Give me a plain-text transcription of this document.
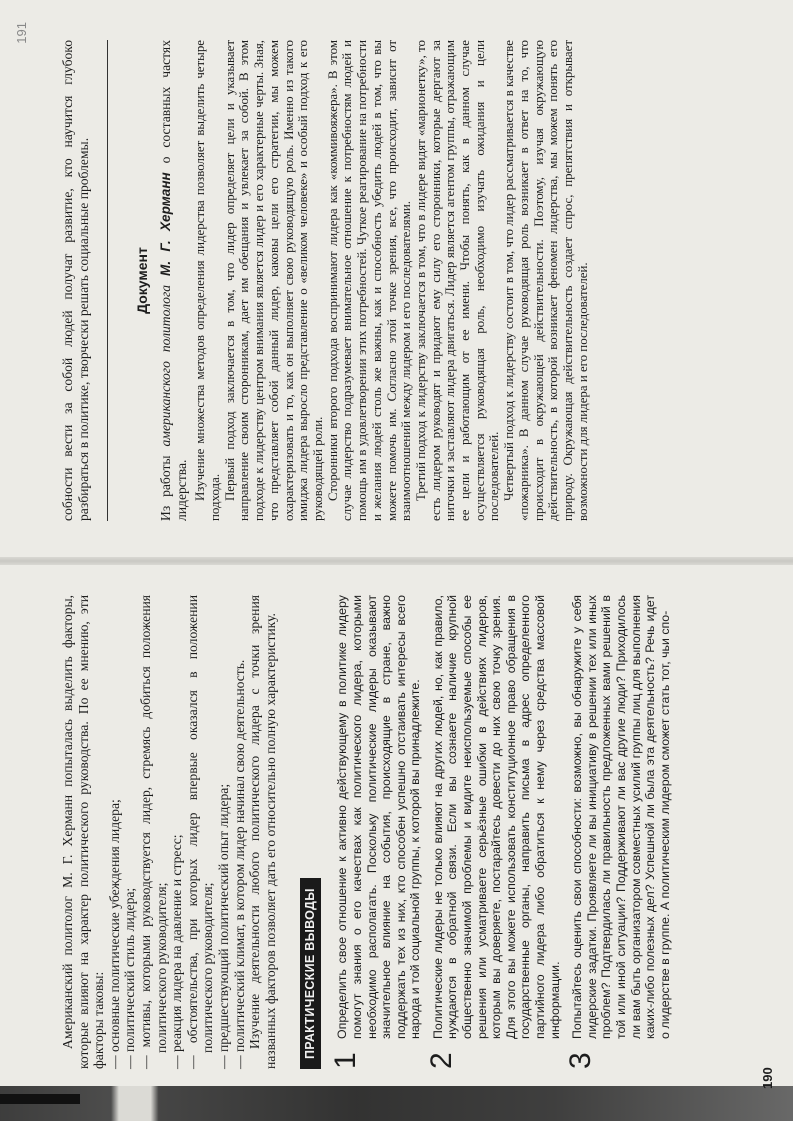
Американский политолог М. Г. Херманн попыталась выделить факторы, которые влияют на характер политического руководства. По ее мнению, эти факторы таковы: — основные политические убеждения лидера; — политический стиль лидера; — мотивы, которыми руководствуется лидер, стремясь добиться положения политического руководителя; — реакция лидера на давление и стресс; — обстоятельства, при которых лидер впервые оказался в положении политического руководителя; — предшествующий политический опыт лидера; — политический климат, в котором лидер начинал свою деятельность. Изучение деятельности любого политического лидера с точки зрения названных факторов позволяет дать его относительно полную характеристику. ПРАКТИЧЕСКИЕ ВЫВОДЫ
1

Определить свое отношение к активно действующему в политике лидеру помогут знания о его качествах как политического лидера, которыми необходимо располагать. Поскольку политические лидеры оказывают значительное влияние на события, происходящие в стране, важно поддержать тех из них, кто способен успешно отстаивать интересы всего народа и той социальной группы, к которой вы принадлежите.

2

Политические лидеры не только влияют на других людей, но, как правило, нуждаются в обратной связи. Если вы сознаете наличие крупной общественно значимой проблемы и видите неиспользуемые способы ее решения или усматриваете серьёзные ошибки в действиях лидеров, которым вы доверяете, постарайтесь довести до них свою точку зрения. Для этого вы можете использовать конституционное право обращения в государственные органы, направить письма в адрес определенного партийного лидера либо обратиться к нему через средства массовой информации.

3

Попытайтесь оценить свои способности: возможно, вы обнаружите у себя лидерские задатки. Проявляете ли вы инициативу в решении тех или иных проблем? Подтвердилась ли правильность предложенных вами решений в той или иной ситуации? Поддерживают ли вас другие люди? Приходилось ли вам быть организатором совместных усилий группы лиц для выполнения каких-либо полезных дел? Успешной ли была эта деятельность? Речь идет о лидерстве в группе. А политическим лидером сможет стать тот, чьи спо-

190

собности вести за собой людей получат развитие, кто научится глубоко разбираться в политике, творчески решать социальные проблемы.	Документ

Из работы американского политолога М. Г. Херманн о составных частях лидерства. Изучение множества методов определения лидерства позволяет выделить четыре подхода. Первый подход заключается в том, что лидер определяет цели и указывает направление своим сторонникам, дает им обещания и увлекает за собой. В этом подходе к лидерству центром внимания является лидер и его характерные черты. Зная, что представляет собой данный лидер, каковы цели его стратегии, мы можем охарактеризовать и то, как он выполняет свою руководящую роль. Именно из такого имиджа лидера выросло представление о «великом человеке» и особый подход к его руководящей роли. Сторонники второго подхода воспринимают лидера как «коммивояжера». В этом случае лидерство подразумевает внимательное отношение к потребностям людей и помощь им в удовлетворении этих потребностей. Чуткое реагирование на потребности и желания людей столь же важны, как и способность убедить людей в том, что вы можете помочь им. Согласно этой точке зрения, все, что происходит, зависит от взаимоотношений между лидером и его последователями. Третий подход к лидерству заключается в том, что в лидере видят «марионетку», то есть лидером руководят и придают ему силу его сторонники, которые дергают за ниточки и заставляют лидера двигаться. Лидер является агентом группы, отражающим ее цели и работающим от ее имени. Чтобы понять, как в данном случае осуществляется руководящая роль, необходимо изучать ожидания и цели последователей. Четвертый подход к лидерству состоит в том, что лидер рассматривается в качестве «пожарника». В данном случае руководящая роль возникает в ответ на то, что происходит в окружающей действительности. Поэтому, изучая окружающую действительность, в которой возникает феномен лидерства, мы можем понять его природу. Окружающая действительность создает спрос, препятствия и открывает возможности для лидера и его последователей.

191
